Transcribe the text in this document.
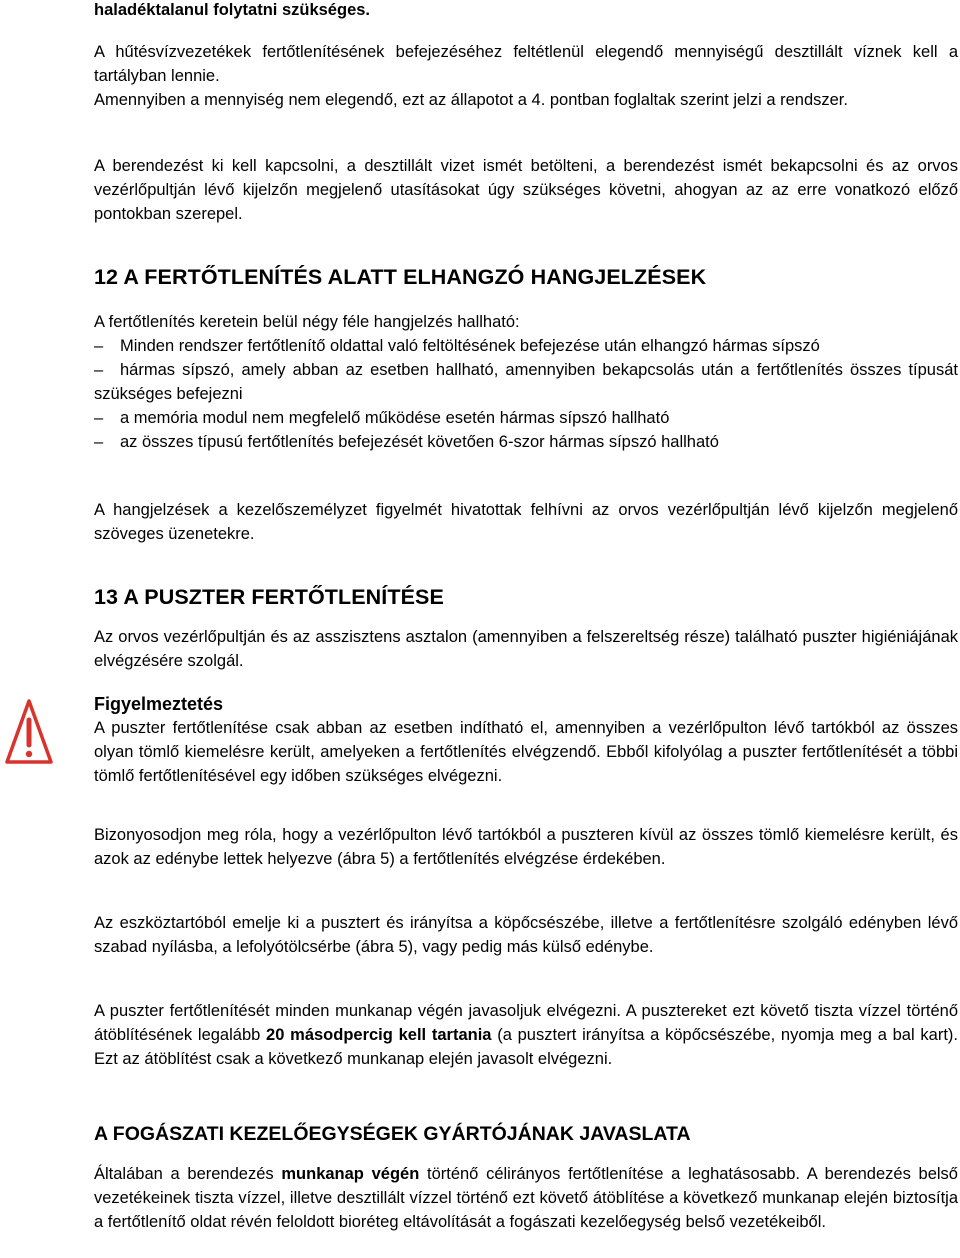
haladéktalanul folytatni szükséges.

A hűtésvízvezetékek fertőtlenítésének befejezéséhez feltétlenül elegendő mennyiségű desztillált víznek kell a tartályban lennie.

Amennyiben a mennyiség nem elegendő, ezt az állapotot a 4. pontban foglaltak szerint jelzi a rendszer.

A berendezést ki kell kapcsolni, a desztillált vizet ismét betölteni, a berendezést ismét bekapcsolni és az orvos vezérlőpultján lévő kijelzőn megjelenő utasításokat úgy szükséges követni, ahogyan az az erre vonatkozó előző pontokban szerepel.

12 A FERTŐTLENÍTÉS ALATT ELHANGZÓ HANGJELZÉSEK

A fertőtlenítés keretein belül négy féle hangjelzés hallható:

– Minden rendszer fertőtlenítő oldattal való feltöltésének befejezése után elhangzó hármas sípszó

– hármas sípszó, amely abban az esetben hallható, amennyiben bekapcsolás után a fertőtlenítés összes típusát szükséges befejezni

– a memória modul nem megfelelő működése esetén hármas sípszó hallható

– az összes típusú fertőtlenítés befejezését követően 6-szor hármas sípszó hallható

A hangjelzések a kezelőszemélyzet figyelmét hivatottak felhívni az orvos vezérlőpultján lévő kijelzőn megjelenő szöveges üzenetekre.

13 A PUSZTER FERTŐTLENÍTÉSE

Az orvos vezérlőpultján és az asszisztens asztalon (amennyiben a felszereltség része) található puszter higiéniájának elvégzésére szolgál.

Figyelmeztetés

A puszter fertőtlenítése csak abban az esetben indítható el, amennyiben a vezérlőpulton lévő tartókból az összes olyan tömlő kiemelésre került, amelyeken a fertőtlenítés elvégzendő. Ebből kifolyólag a puszter fertőtlenítését a többi tömlő fertőtlenítésével egy időben szükséges elvégezni.

Bizonyosodjon meg róla, hogy a vezérlőpulton lévő tartókból a puszteren kívül az összes tömlő kiemelésre került, és azok az edénybe lettek helyezve (ábra 5) a fertőtlenítés elvégzése érdekében.

Az eszköztartóból emelje ki a pusztert és irányítsa a köpőcsészébe, illetve a fertőtlenítésre szolgáló edényben lévő szabad nyílásba, a lefolyótölcsérbe (ábra 5), vagy pedig más külső edénybe.

A puszter fertőtlenítését minden munkanap végén javasoljuk elvégezni. A pusztereket ezt követő tiszta vízzel történő átöblítésének legalább 20 másodpercig kell tartania (a pusztert irányítsa a köpőcsészébe, nyomja meg a bal kart). Ezt az átöblítést csak a következő munkanap elején javasolt elvégezni.

A FOGÁSZATI KEZELŐEGYSÉGEK GYÁRTÓJÁNAK JAVASLATA

Általában a berendezés munkanap végén történő célirányos fertőtlenítése a leghatásosabb. A berendezés belső vezetékeinek tiszta vízzel, illetve desztillált vízzel történő ezt követő átöblítése a következő munkanap elején biztosítja a fertőtlenítő oldat révén feloldott bioréteg eltávolítását a fogászati kezelőegység belső vezetékeiből.
